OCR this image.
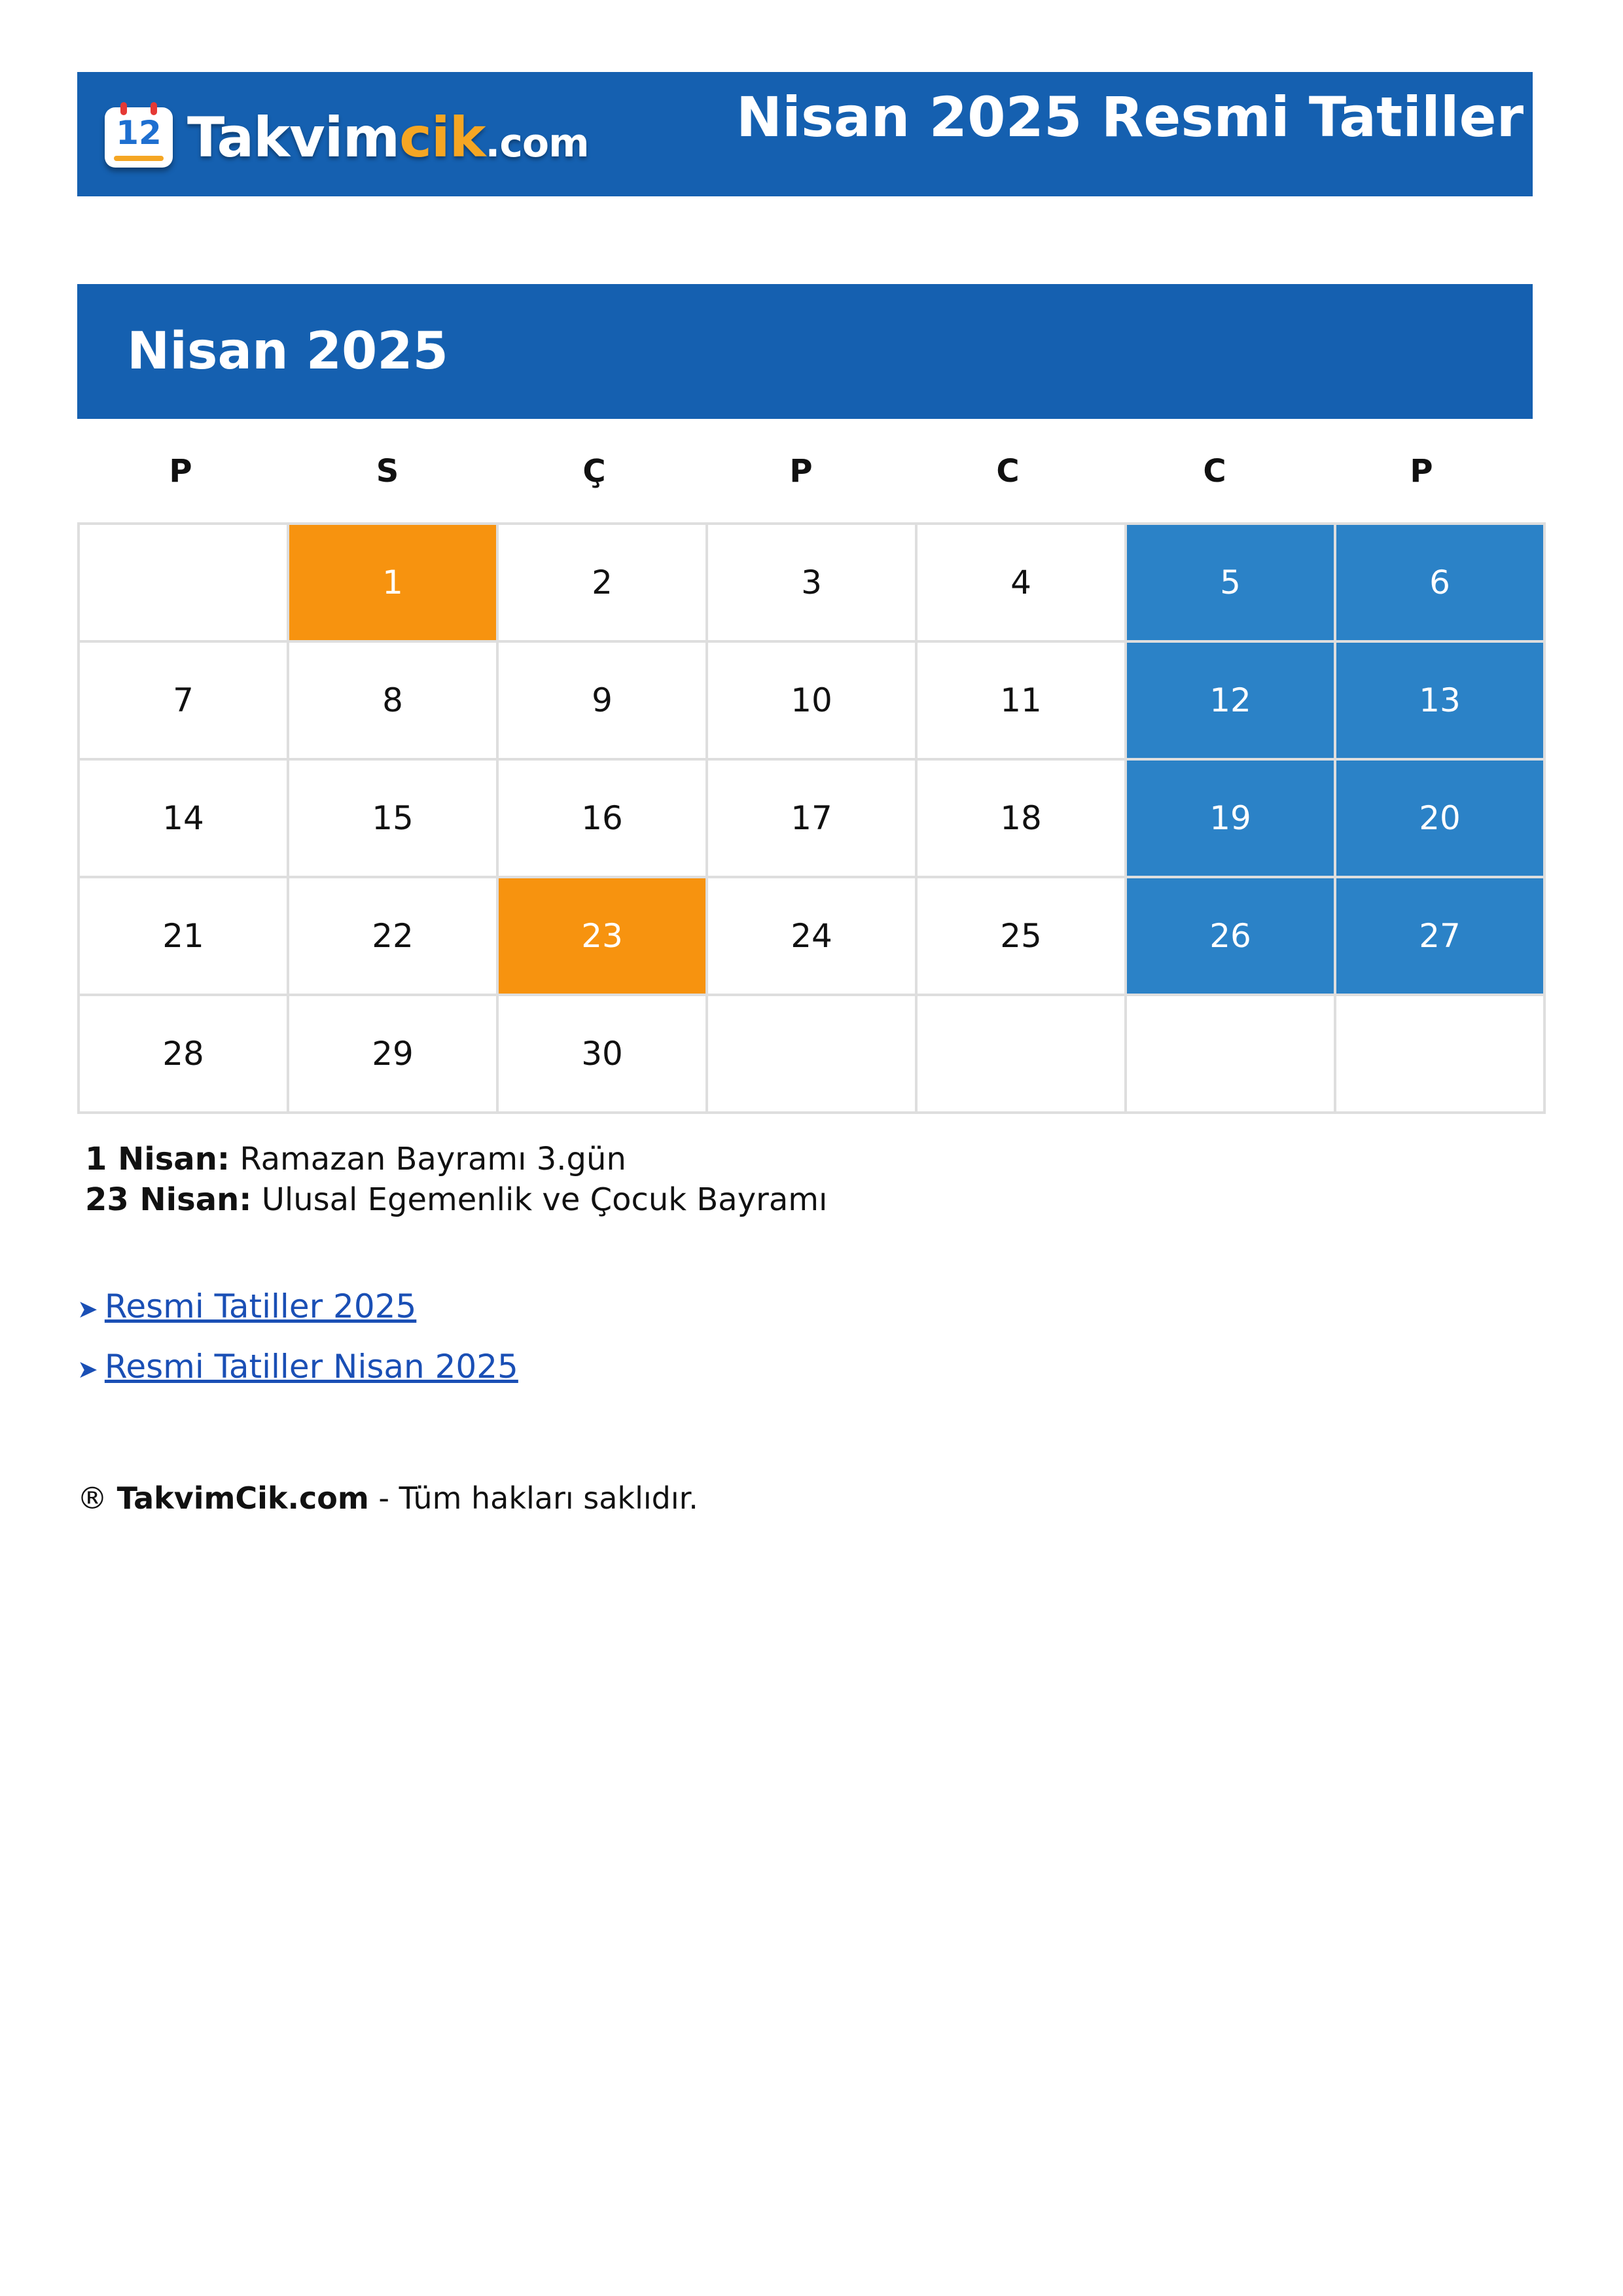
12 Takvimcik.com	Nisan 2025 Resmi Tatiller
Nisan 2025
P	S	Ç	P	C	C	P
	1	2	3	4	5	6
7	8	9	10	11	12	13
14	15	16	17	18	19	20
21	22	23	24	25	26	27
28	29	30				
1 Nisan: Ramazan Bayramı 3.gün
23 Nisan: Ulusal Egemenlik ve Çocuk Bayramı
➤ Resmi Tatiller 2025
➤ Resmi Tatiller Nisan 2025
® TakvimCik.com - Tüm hakları saklıdır.
